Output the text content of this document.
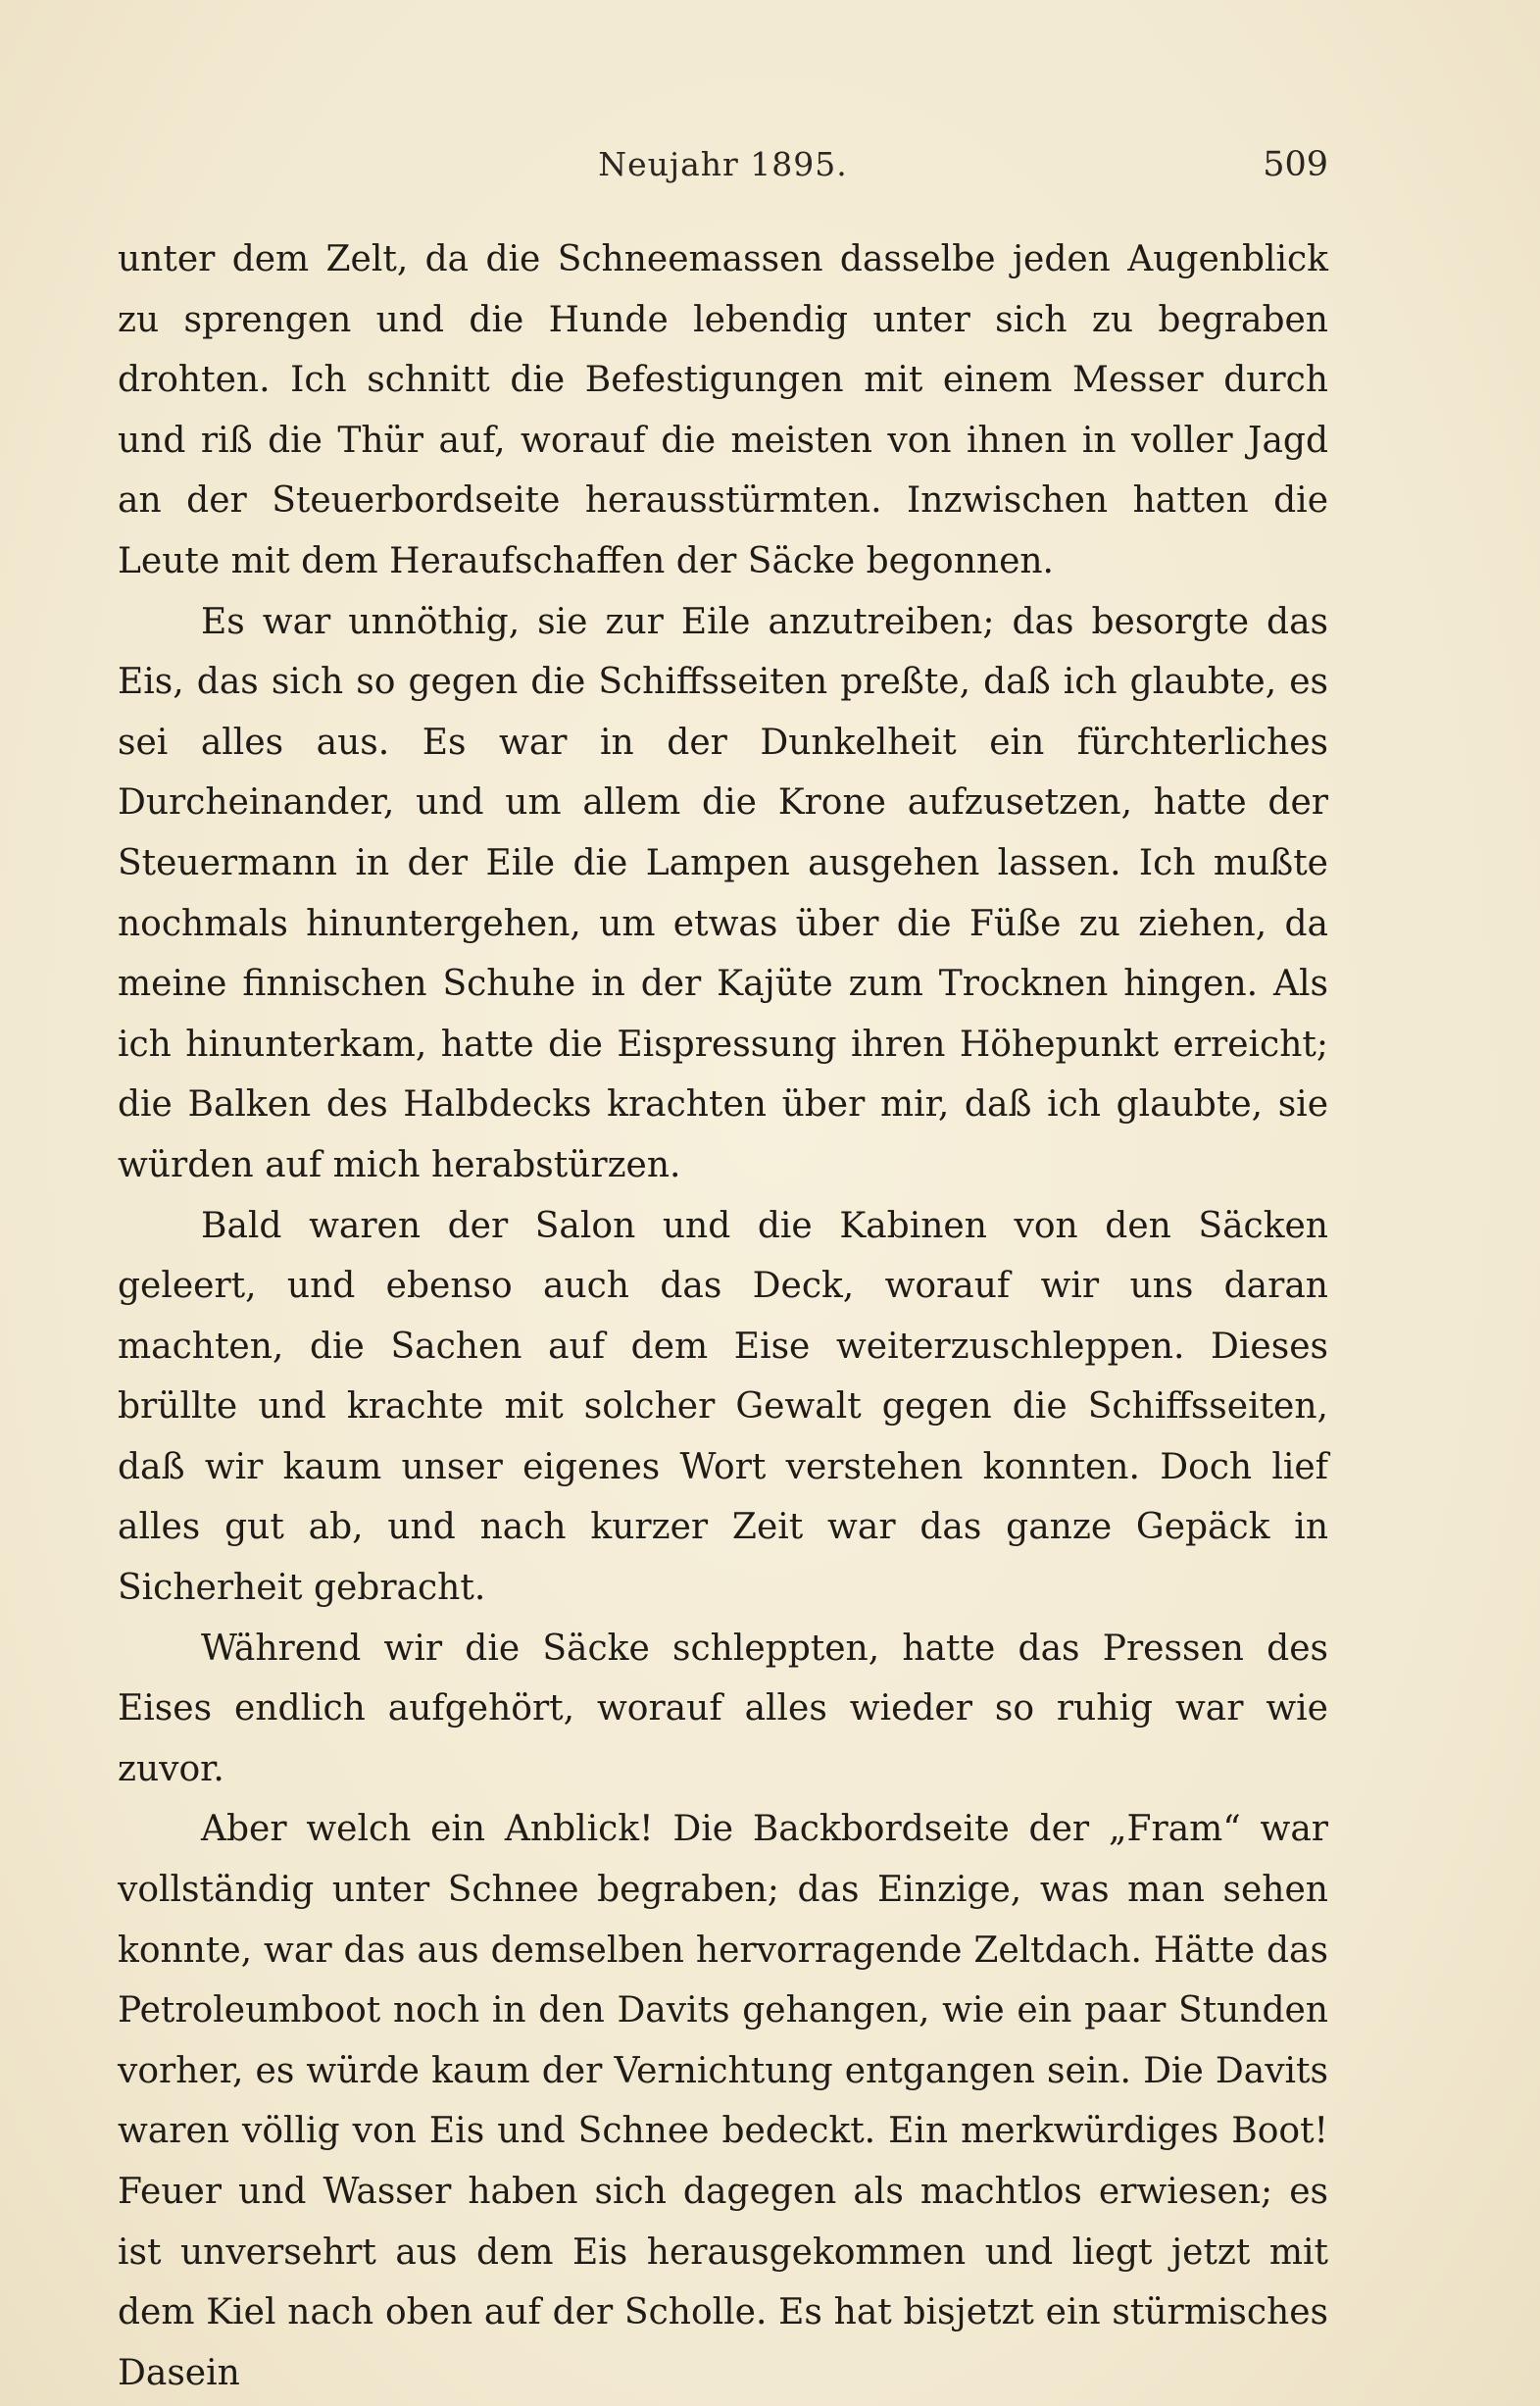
Neujahr 1895.	509

unter dem Zelt, da die Schneemassen dasselbe jeden Augenblick zu sprengen und die Hunde lebendig unter sich zu begraben drohten. Ich schnitt die Befestigungen mit einem Messer durch und riß die Thür auf, worauf die meisten von ihnen in voller Jagd an der Steuerbordseite herausstürmten. Inzwischen hatten die Leute mit dem Heraufschaffen der Säcke begonnen.

Es war unnöthig, sie zur Eile anzutreiben; das besorgte das Eis, das sich so gegen die Schiffsseiten preßte, daß ich glaubte, es sei alles aus. Es war in der Dunkelheit ein fürchterliches Durcheinander, und um allem die Krone aufzusetzen, hatte der Steuermann in der Eile die Lampen ausgehen lassen. Ich mußte nochmals hinuntergehen, um etwas über die Füße zu ziehen, da meine finnischen Schuhe in der Kajüte zum Trocknen hingen. Als ich hinunterkam, hatte die Eispressung ihren Höhepunkt erreicht; die Balken des Halbdecks krachten über mir, daß ich glaubte, sie würden auf mich herabstürzen.

Bald waren der Salon und die Kabinen von den Säcken geleert, und ebenso auch das Deck, worauf wir uns daran machten, die Sachen auf dem Eise weiterzuschleppen. Dieses brüllte und krachte mit solcher Gewalt gegen die Schiffsseiten, daß wir kaum unser eigenes Wort verstehen konnten. Doch lief alles gut ab, und nach kurzer Zeit war das ganze Gepäck in Sicherheit gebracht.

Während wir die Säcke schleppten, hatte das Pressen des Eises endlich aufgehört, worauf alles wieder so ruhig war wie zuvor.

Aber welch ein Anblick! Die Backbordseite der „Fram“ war vollständig unter Schnee begraben; das Einzige, was man sehen konnte, war das aus demselben hervorragende Zeltdach. Hätte das Petroleumboot noch in den Davits gehangen, wie ein paar Stunden vorher, es würde kaum der Vernichtung entgangen sein. Die Davits waren völlig von Eis und Schnee bedeckt. Ein merkwürdiges Boot! Feuer und Wasser haben sich dagegen als machtlos erwiesen; es ist unversehrt aus dem Eis herausgekommen und liegt jetzt mit dem Kiel nach oben auf der Scholle. Es hat bisjetzt ein stürmisches Dasein
